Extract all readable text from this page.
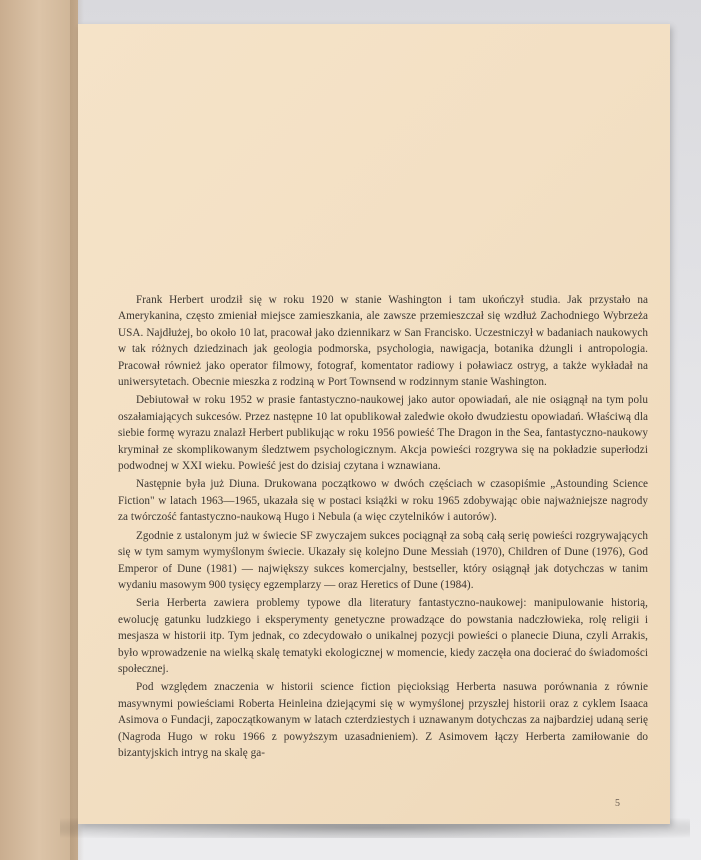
Frank Herbert urodził się w roku 1920 w stanie Washington i tam ukończył studia. Jak przystało na Amerykanina, często zmieniał miejsce zamieszkania, ale zawsze przemieszczał się wzdłuż Zachodniego Wybrzeża USA. Najdłużej, bo około 10 lat, pracował jako dziennikarz w San Francisko. Uczestniczył w badaniach naukowych w tak różnych dziedzinach jak geologia podmorska, psychologia, nawigacja, botanika dżungli i antropologia. Pracował również jako operator filmowy, fotograf, komentator radiowy i poławiacz ostryg, a także wykładał na uniwersytetach. Obecnie mieszka z rodziną w Port Townsend w rodzinnym stanie Washington.

Debiutował w roku 1952 w prasie fantastyczno-naukowej jako autor opowiadań, ale nie osiągnął na tym polu oszałamiających sukcesów. Przez następne 10 lat opublikował zaledwie około dwudziestu opowiadań. Właściwą dla siebie formę wyrazu znalazł Herbert publikując w roku 1956 powieść The Dragon in the Sea, fantastyczno-naukowy kryminał ze skomplikowanym śledztwem psychologicznym. Akcja powieści rozgrywa się na pokładzie superłodzi podwodnej w XXI wieku. Powieść jest do dzisiaj czytana i wznawiana.

Następnie była już Diuna. Drukowana początkowo w dwóch częściach w czasopiśmie „Astounding Science Fiction" w latach 1963—1965, ukazała się w postaci książki w roku 1965 zdobywając obie najważniejsze nagrody za twórczość fantastyczno-naukową Hugo i Nebula (a więc czytelników i autorów).

Zgodnie z ustalonym już w świecie SF zwyczajem sukces pociągnął za sobą całą serię powieści rozgrywających się w tym samym wymyślonym świecie. Ukazały się kolejno Dune Messiah (1970), Children of Dune (1976), God Emperor of Dune (1981) — największy sukces komercjalny, bestseller, który osiągnął jak dotychczas w tanim wydaniu masowym 900 tysięcy egzemplarzy — oraz Heretics of Dune (1984).

Seria Herberta zawiera problemy typowe dla literatury fantastyczno-naukowej: manipulowanie historią, ewolucję gatunku ludzkiego i eksperymenty genetyczne prowadzące do powstania nadczłowieka, rolę religii i mesjasza w historii itp. Tym jednak, co zdecydowało o unikalnej pozycji powieści o planecie Diuna, czyli Arrakis, było wprowadzenie na wielką skalę tematyki ekologicznej w momencie, kiedy zaczęła ona docierać do świadomości społecznej.

Pod względem znaczenia w historii science fiction pięcioksiąg Herberta nasuwa porównania z równie masywnymi powieściami Roberta Heinleina dziejącymi się w wymyślonej przyszłej historii oraz z cyklem Isaaca Asimova o Fundacji, zapoczątkowanym w latach czterdziestych i uznawanym dotychczas za najbardziej udaną serię (Nagroda Hugo w roku 1966 z powyższym uzasadnieniem). Z Asimovem łączy Herberta zamiłowanie do bizantyjskich intryg na skalę ga-

5
